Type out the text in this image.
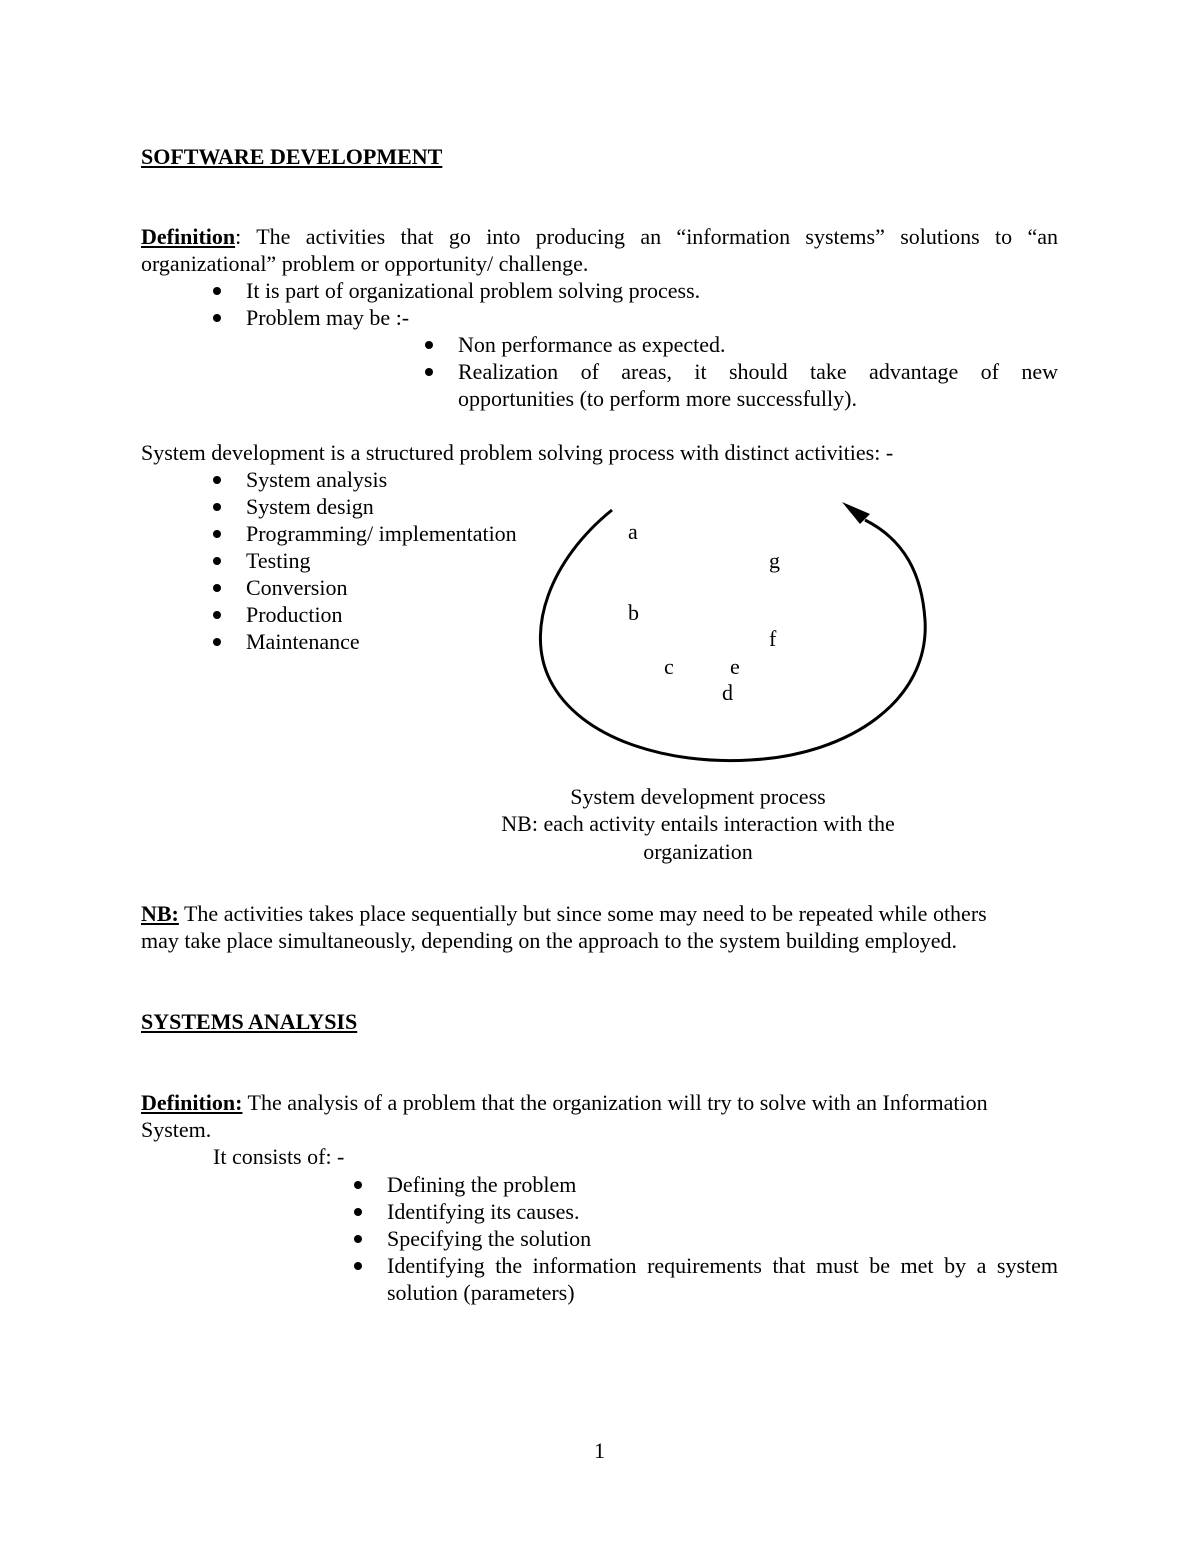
SOFTWARE DEVELOPMENT
Definition: The activities that go into producing an “information systems” solutions to “an
organizational” problem or opportunity/ challenge.
It is part of organizational problem solving process.
Problem may be :-
Non performance as expected.
Realization of areas, it should take advantage of new
opportunities (to perform more successfully).
System development is a structured problem solving process with distinct activities: -
System analysis
System design
Programming/ implementation
Testing
Conversion
Production
Maintenance
a
b
c
d
e
f
g
System development process
NB: each activity entails interaction with the
organization
NB: The activities takes place sequentially but since some may need to be repeated while others
may take place simultaneously, depending on the approach to the system building employed.
SYSTEMS ANALYSIS
Definition: The analysis of a problem that the organization will try to solve with an Information
System.
It consists of: -
Defining the problem
Identifying its causes.
Specifying the solution
Identifying the information requirements that must be met by a system
solution (parameters)
1
